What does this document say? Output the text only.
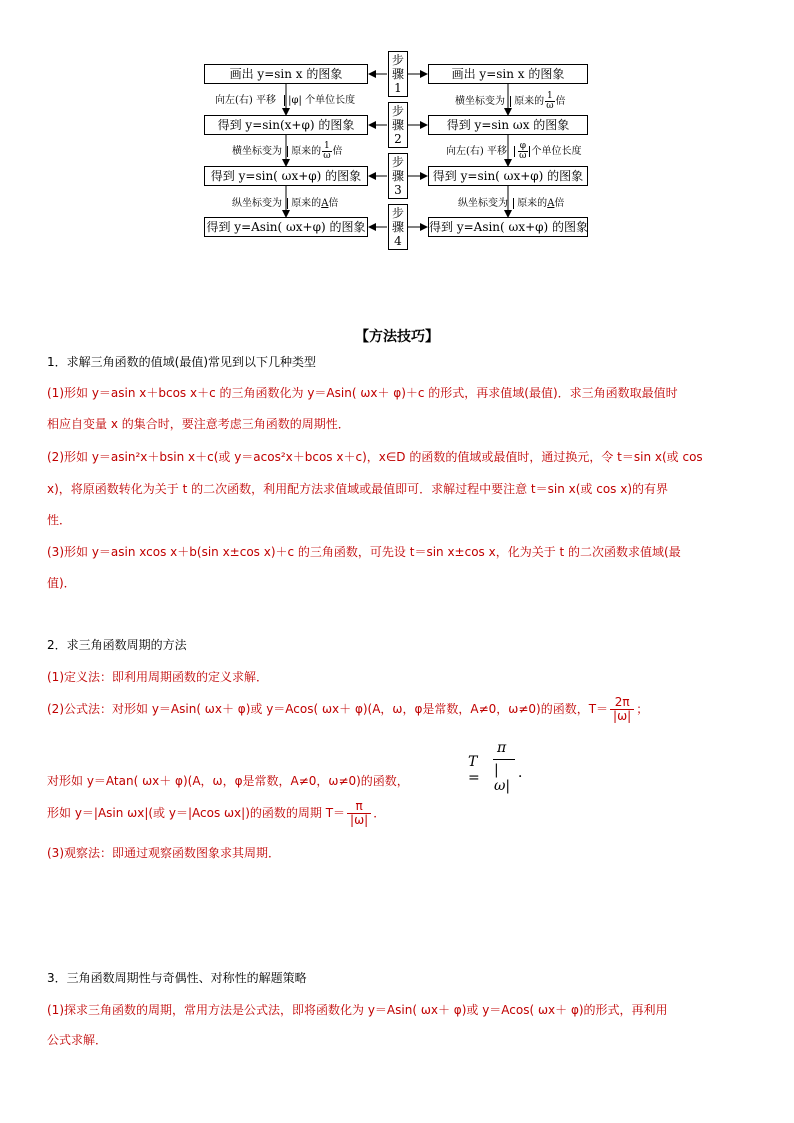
画出 y=sin x 的图象
得到 y=sin(x+φ) 的图象
得到 y=sin( ωx+φ) 的图象
得到 y=Asin( ωx+φ) 的图象
画出 y=sin x 的图象
得到 y=sin ωx 的图象
得到 y=sin( ωx+φ) 的图象
得到 y=Asin( ωx+φ) 的图象
步
骤
1
步
骤
2
步
骤
3
步
骤
4
向左(右) 平移 |φ| 个单位长度
横坐标变为 原来的 $\frac{1}{\omega}$ 倍
纵坐标变为 原来的A倍
横坐标变为 原来的 $\frac{1}{\omega}$ 倍
向左(右) 平移 $\frac{\varphi}{\omega}$ 个单位长度
纵坐标变为 原来的A倍
【方法技巧】
1．求解三角函数的值域(最值)常见到以下几种类型
(1)形如 y＝asin x＋bcos x＋c 的三角函数化为 y＝Asin( ωx＋ φ)＋c 的形式，再求值域(最值)．求三角函数取最值时
相应自变量 x 的集合时，要注意考虑三角函数的周期性．
(2)形如 y＝asin²x＋bsin x＋c(或 y＝acos²x＋bcos x＋c)，x∈D 的函数的值域或最值时，通过换元，令 t＝sin x(或 cos
x)，将原函数转化为关于 t 的二次函数，利用配方法求值域或最值即可．求解过程中要注意 t＝sin x(或 cos x)的有界
性．
(3)形如 y＝asin xcos x＋b(sin x±cos x)＋c 的三角函数，可先设 t＝sin x±cos x，化为关于 t 的二次函数求值域(最
值)．
2．求三角函数周期的方法
(1)定义法：即利用周期函数的定义求解．
(2)公式法：对形如 y＝Asin( ωx＋ φ)或 y＝Acos( ωx＋ φ)(A，ω，φ是常数，A≠0，ω≠0)的函数，$T= \frac{2\pi}{|\omega|}$ ；
对形如 y＝Atan( ωx＋ φ)(A，ω，φ是常数，A≠0，ω≠0)的函数，
T =
π
|ω|
．
形如 y＝|Asin ωx|(或 y＝|Acos ωx|)的函数的周期 $T= \frac{\pi}{|\omega|}$ ．
(3)观察法：即通过观察函数图象求其周期．
3．三角函数周期性与奇偶性、对称性的解题策略
(1)探求三角函数的周期，常用方法是公式法，即将函数化为 y＝Asin( ωx＋ φ)或 y＝Acos( ωx＋ φ)的形式，再利用
公式求解．
